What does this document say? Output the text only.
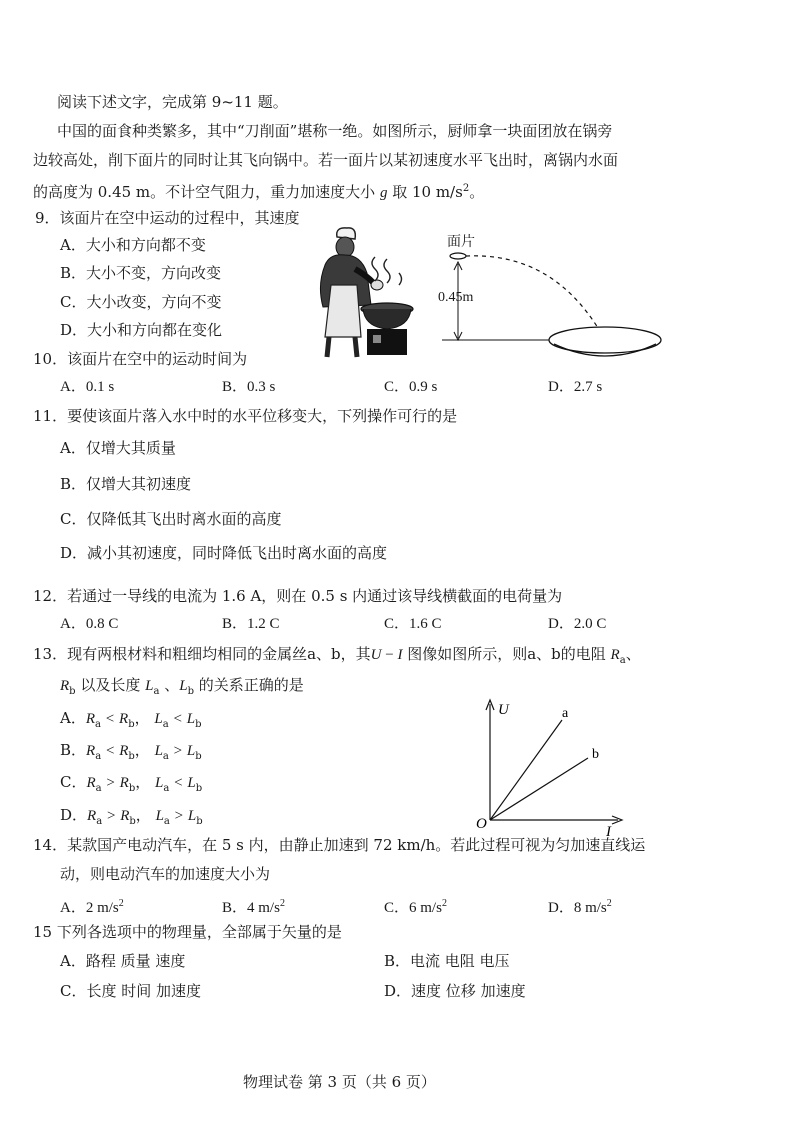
阅读下述文字，完成第 9~11 题。
中国的面食种类繁多，其中“刀削面”堪称一绝。如图所示，厨师拿一块面团放在锅旁
边较高处，削下面片的同时让其飞向锅中。若一面片以某初速度水平飞出时，离锅内水面
的高度为 0.45 m。不计空气阻力，重力加速度大小 g 取 10 $m/s^2$。
9．该面片在空中运动的过程中，其速度
A．大小和方向都不变
B．大小不变，方向改变
C．大小改变，方向不变
D．大小和方向都在变化
面片
0.45m
10．该面片在空中的运动时间为
A．0.1 s	B．0.3 s	C．0.9 s	D．2.7 s
11．要使该面片落入水中时的水平位移变大，下列操作可行的是
A．仅增大其质量
B．仅增大其初速度
C．仅降低其飞出时离水面的高度
D．减小其初速度，同时降低飞出时离水面的高度
12．若通过一导线的电流为 1.6 A，则在 0.5 s 内通过该导线横截面的电荷量为
A．0.8 C	B．1.2 C	C．1.6 C	D．2.0 C
13．现有两根材料和粗细均相同的金属丝a、b，其U − I 图像如图所示，则a、b的电阻 $R_a$、
$R_b$ 以及长度 $L_a$ 、$L_b$ 的关系正确的是
A．$R_a < R_b$， $L_a < L_b$
B．$R_a < R_b$， $L_a > L_b$
C．$R_a > R_b$， $L_a < L_b$
D．$R_a > R_b$， $L_a > L_b$
U
I
O
a
b
14．某款国产电动汽车，在 5 s 内，由静止加速到 72 km/h。若此过程可视为匀加速直线运
动，则电动汽车的加速度大小为
A．2 $m/s^2$	B．4 $m/s^2$	C．6 $m/s^2$	D．8 $m/s^2$
15 下列各选项中的物理量，全部属于矢量的是
A．路程 质量 速度	B．电流 电阻 电压
C．长度 时间 加速度	D．速度 位移 加速度
物理试卷 第 3 页（共 6 页）
